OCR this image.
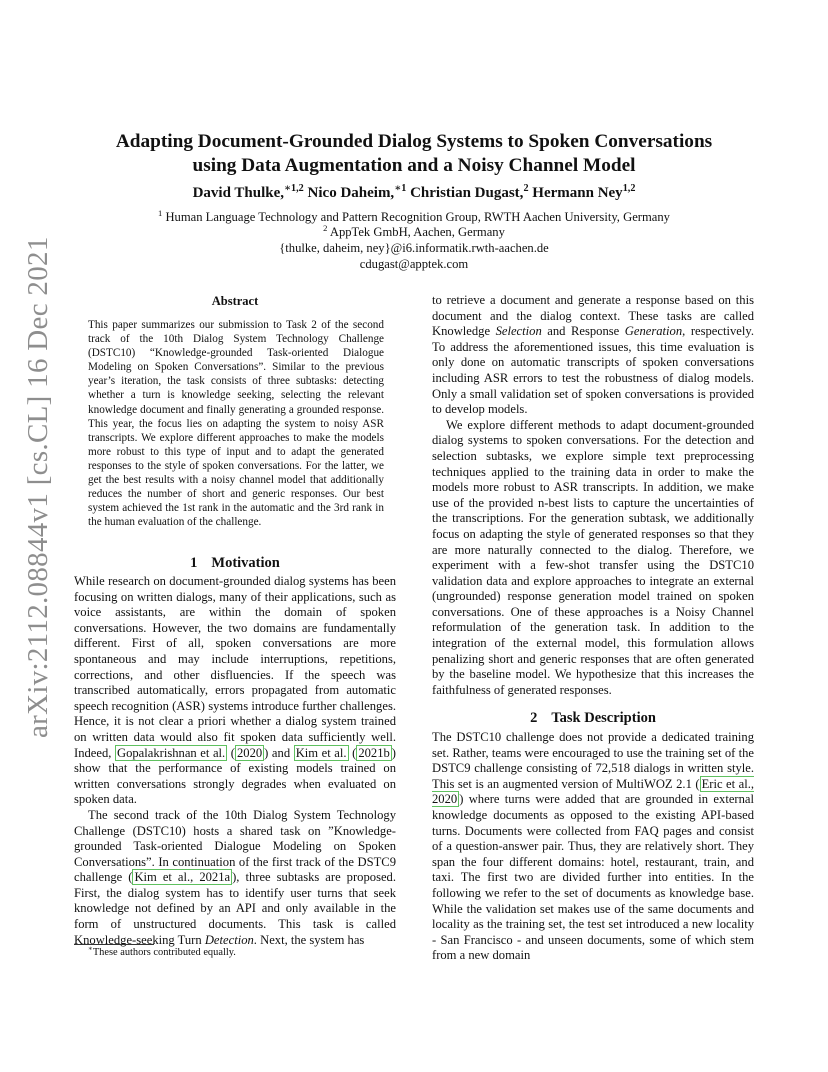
arXiv:2112.08844v1 [cs.CL] 16 Dec 2021
Adapting Document-Grounded Dialog Systems to Spoken Conversations
using Data Augmentation and a Noisy Channel Model
David Thulke,$^{∗1,2}$ Nico Daheim,$^{∗1}$ Christian Dugast,$^2$ Hermann Ney$^{1,2}$
$^1$ Human Language Technology and Pattern Recognition Group, RWTH Aachen University, Germany
$^2$ AppTek GmbH, Aachen, Germany
{thulke, daheim, ney}@i6.informatik.rwth-aachen.de
cdugast@apptek.com
Abstract

This paper summarizes our submission to Task 2 of the second track of the 10th Dialog System Technology Challenge (DSTC10) “Knowledge-grounded Task-oriented Dialogue Modeling on Spoken Conversations”. Similar to the previous year’s iteration, the task consists of three subtasks: detecting whether a turn is knowledge seeking, selecting the relevant knowledge document and finally generating a grounded response. This year, the focus lies on adapting the system to noisy ASR transcripts. We explore different approaches to make the models more robust to this type of input and to adapt the generated responses to the style of spoken conversations. For the latter, we get the best results with a noisy channel model that additionally reduces the number of short and generic responses. Our best system achieved the 1st rank in the automatic and the 3rd rank in the human evaluation of the challenge.

1 Motivation

While research on document-grounded dialog systems has been focusing on written dialogs, many of their applications, such as voice assistants, are within the domain of spoken conversations. However, the two domains are fundamentally different. First of all, spoken conversations are more spontaneous and may include interruptions, repetitions, corrections, and other disfluencies. If the speech was transcribed automatically, errors propagated from automatic speech recognition (ASR) systems introduce further challenges. Hence, it is not clear a priori whether a dialog system trained on written data would also fit spoken data sufficiently well. Indeed, Gopalakrishnan et al. ( 2020 ) and Kim et al. ( 2021b ) show that the performance of existing models trained on written conversations strongly degrades when evaluated on spoken data.

The second track of the 10th Dialog System Technology Challenge (DSTC10) hosts a shared task on ”Knowledge-grounded Task-oriented Dialogue Modeling on Spoken Conversations”. In continuation of the first track of the DSTC9 challenge ( Kim et al., 2021a ), three subtasks are proposed. First, the dialog system has to identify user turns that seek knowledge not defined by an API and only available in the form of unstructured documents. This task is called Knowledge-seeking Turn Detection. Next, the system has

to retrieve a document and generate a response based on this document and the dialog context. These tasks are called Knowledge Selection and Response Generation, respectively. To address the aforementioned issues, this time evaluation is only done on automatic transcripts of spoken conversations including ASR errors to test the robustness of dialog models. Only a small validation set of spoken conversations is provided to develop models.

We explore different methods to adapt document-grounded dialog systems to spoken conversations. For the detection and selection subtasks, we explore simple text preprocessing techniques applied to the training data in order to make the models more robust to ASR transcripts. In addition, we make use of the provided n-best lists to capture the uncertainties of the transcriptions. For the generation subtask, we additionally focus on adapting the style of generated responses so that they are more naturally connected to the dialog. Therefore, we experiment with a few-shot transfer using the DSTC10 validation data and explore approaches to integrate an external (ungrounded) response generation model trained on spoken conversations. One of these approaches is a Noisy Channel reformulation of the generation task. In addition to the integration of the external model, this formulation allows penalizing short and generic responses that are often generated by the baseline model. We hypothesize that this increases the faithfulness of generated responses.

2 Task Description

The DSTC10 challenge does not provide a dedicated training set. Rather, teams were encouraged to use the training set of the DSTC9 challenge consisting of 72,518 dialogs in written style. This set is an augmented version of MultiWOZ 2.1 ( Eric et al., 2020 ) where turns were added that are grounded in external knowledge documents as opposed to the existing API-based turns. Documents were collected from FAQ pages and consist of a question-answer pair. Thus, they are relatively short. They span the four different domains: hotel, restaurant, train, and taxi. The first two are divided further into entities. In the following we refer to the set of documents as knowledge base. While the validation set makes use of the same documents and locality as the training set, the test set introduced a new locality - San Francisco - and unseen documents, some of which stem from a new domain

∗These authors contributed equally.
